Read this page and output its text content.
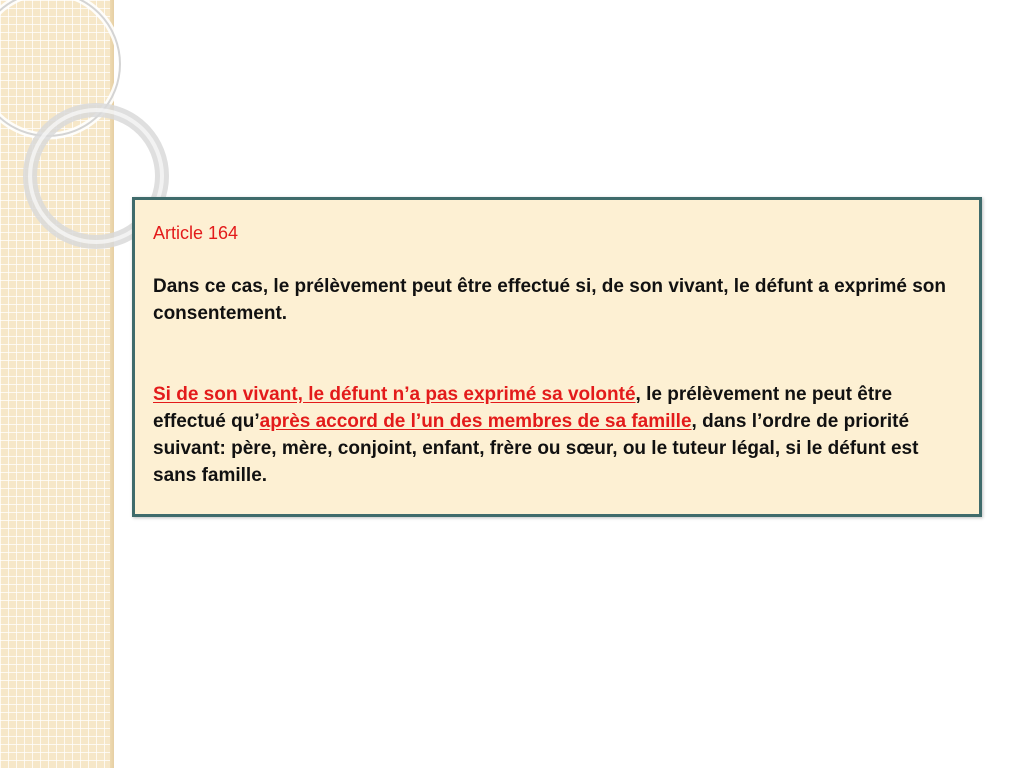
Article 164

Dans ce cas, le prélèvement peut être effectué si, de son vivant, le défunt a exprimé son consentement.

Si de son vivant, le défunt n’a pas exprimé sa volonté, le prélèvement ne peut être effectué qu’après accord de l’un des membres de sa famille, dans l’ordre de priorité suivant: père, mère, conjoint, enfant, frère ou sœur, ou le tuteur légal, si le défunt est sans famille.
